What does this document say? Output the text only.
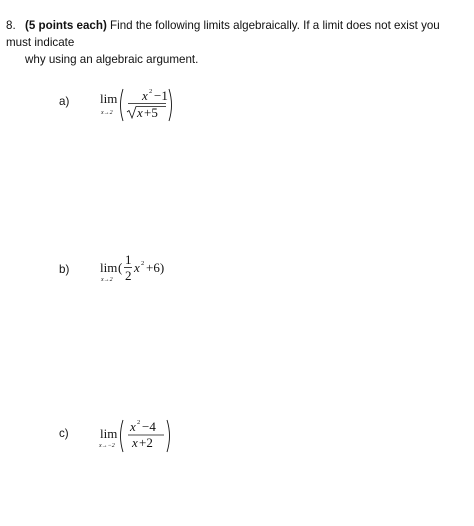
8. (5 points each) Find the following limits algebraically. If a limit does not exist you must indicate
why using an algebraic argument.
a) lim
x→2
x 2 −1
x +5
b) lim
x→2
(
1
2
x 2 +6)
c) lim
x→−2
x 2 −4
x +2
